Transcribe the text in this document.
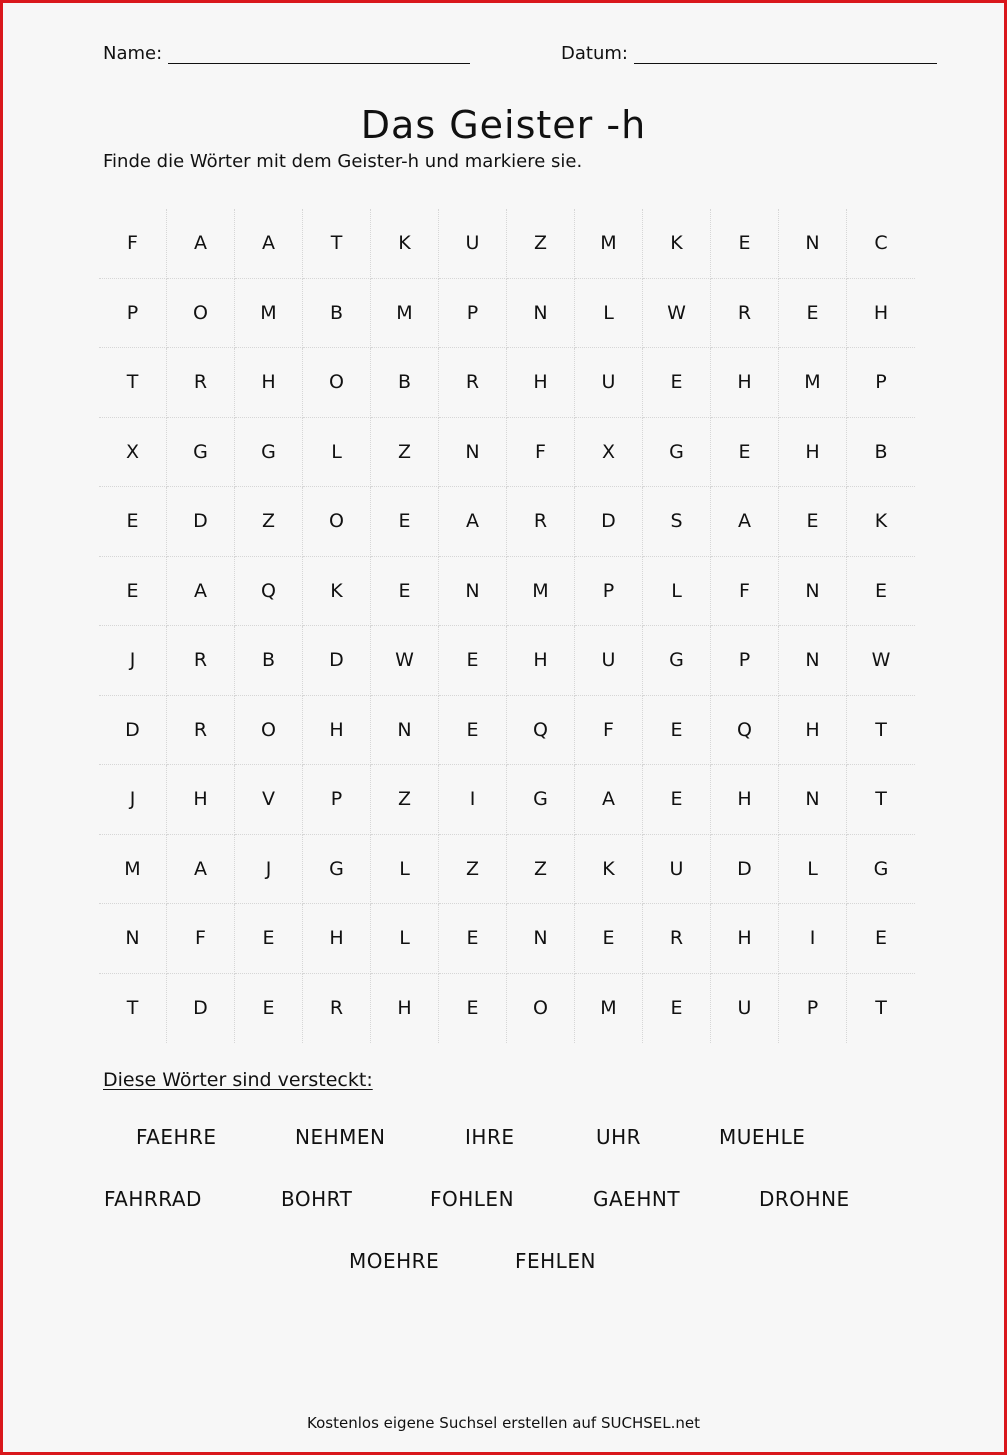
Name:	Datum:
Das Geister -h
Finde die Wörter mit dem Geister-h und markiere sie.
F	A	A	T	K	U	Z	M	K	E	N	C
P	O	M	B	M	P	N	L	W	R	E	H
T	R	H	O	B	R	H	U	E	H	M	P
X	G	G	L	Z	N	F	X	G	E	H	B
E	D	Z	O	E	A	R	D	S	A	E	K
E	A	Q	K	E	N	M	P	L	F	N	E
J	R	B	D	W	E	H	U	G	P	N	W
D	R	O	H	N	E	Q	F	E	Q	H	T
J	H	V	P	Z	I	G	A	E	H	N	T
M	A	J	G	L	Z	Z	K	U	D	L	G
N	F	E	H	L	E	N	E	R	H	I	E
T	D	E	R	H	E	O	M	E	U	P	T
Diese Wörter sind versteckt:
FAEHRE	NEHMEN	IHRE	UHR	MUEHLE
FAHRRAD	BOHRT	FOHLEN	GAEHNT	DROHNE
MOEHRE	FEHLEN
Kostenlos eigene Suchsel erstellen auf SUCHSEL.net
